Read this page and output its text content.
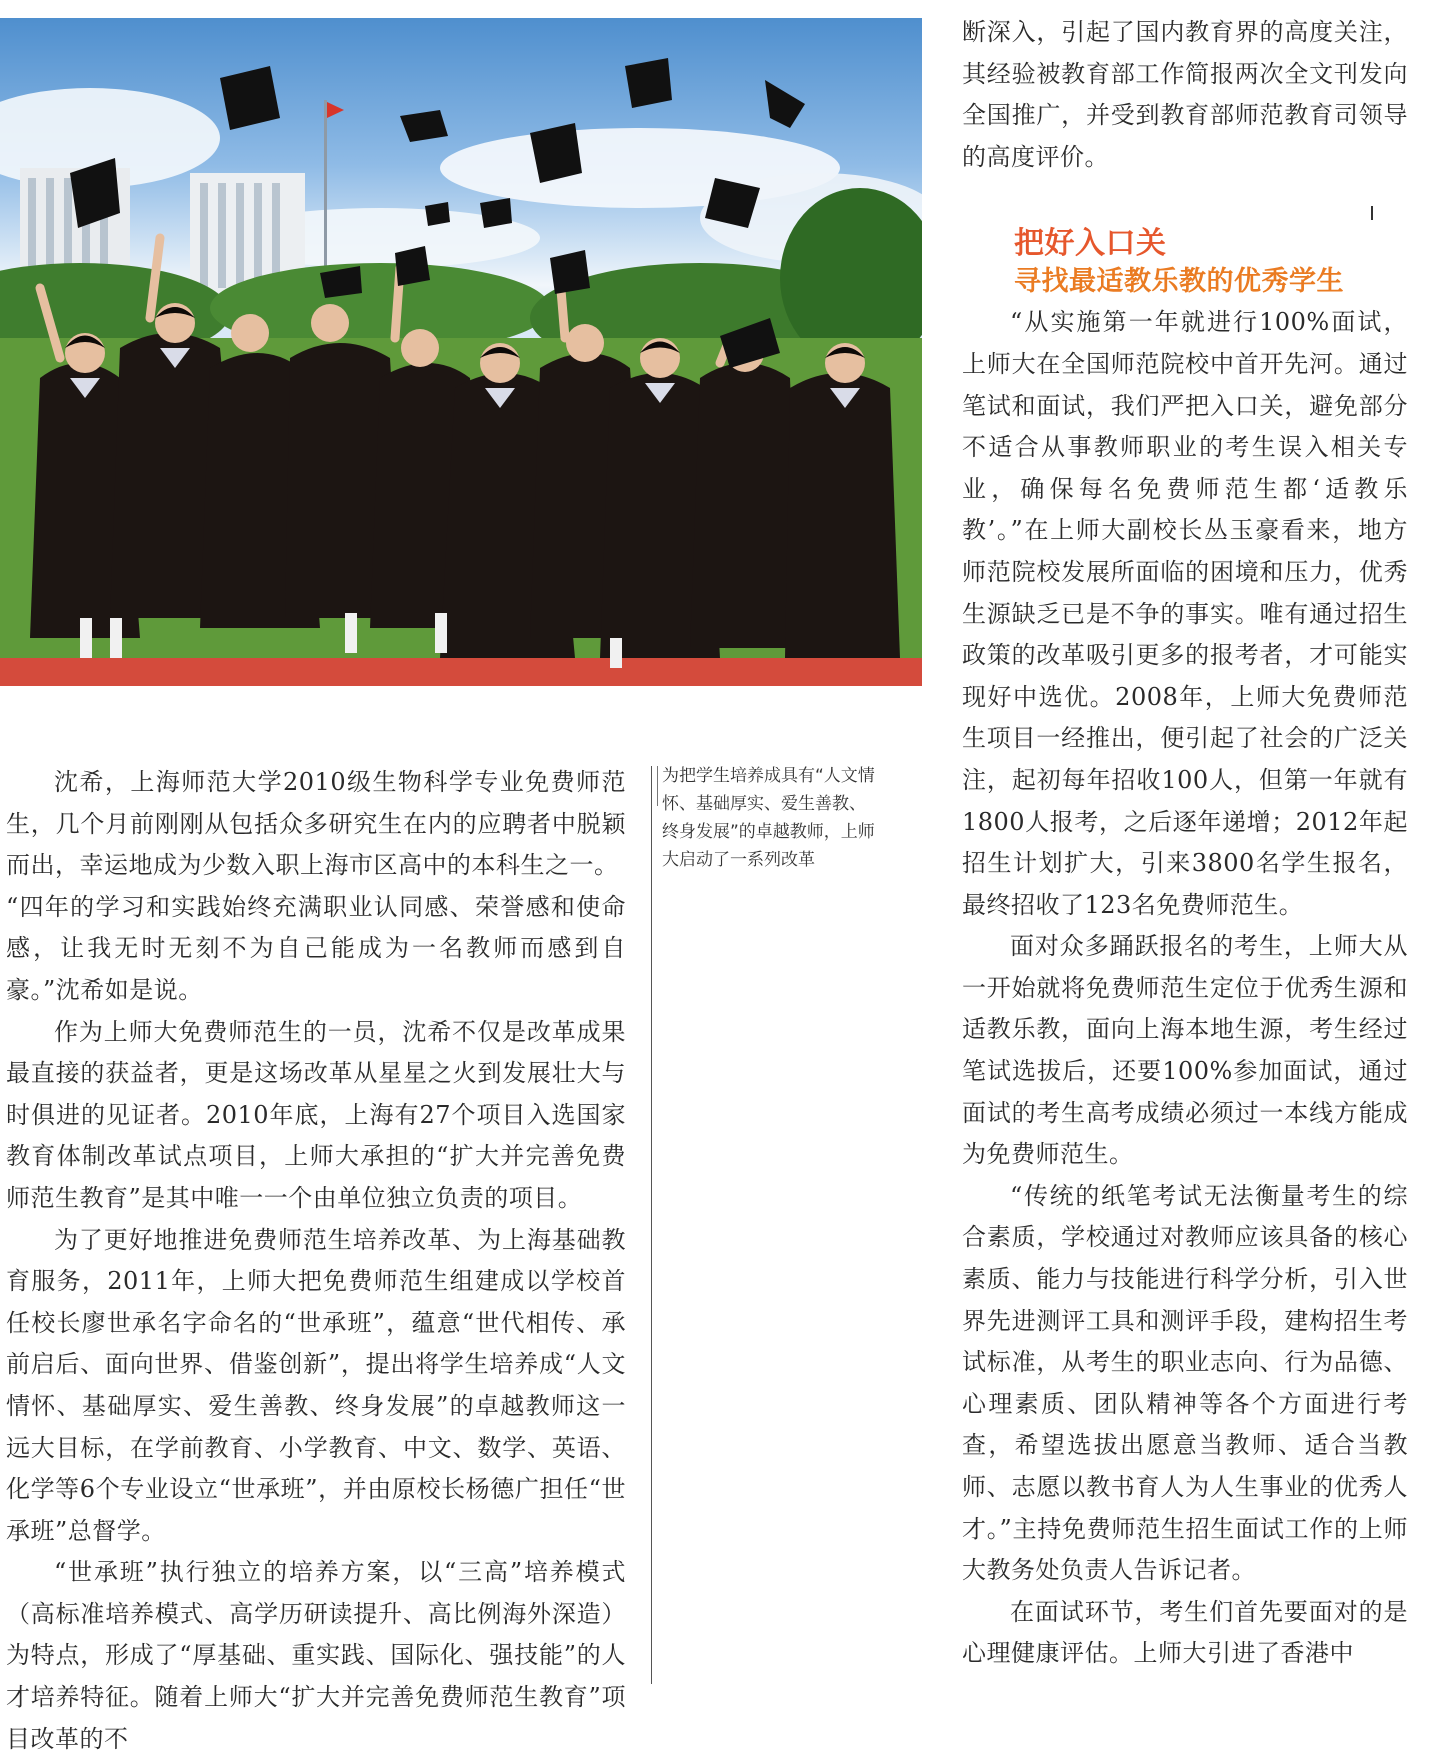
沈希，上海师范大学2010级生物科学专业免费师范生，几个月前刚刚从包括众多研究生在内的应聘者中脱颖而出，幸运地成为少数入职上海市区高中的本科生之一。

“四年的学习和实践始终充满职业认同感、荣誉感和使命感，让我无时无刻不为自己能成为一名教师而感到自豪。”沈希如是说。

作为上师大免费师范生的一员，沈希不仅是改革成果最直接的获益者，更是这场改革从星星之火到发展壮大与时俱进的见证者。2010年底，上海有27个项目入选国家教育体制改革试点项目，上师大承担的“扩大并完善免费师范生教育”是其中唯一一个由单位独立负责的项目。

为了更好地推进免费师范生培养改革、为上海基础教育服务，2011年，上师大把免费师范生组建成以学校首任校长廖世承名字命名的“世承班”，蕴意“世代相传、承前启后、面向世界、借鉴创新”，提出将学生培养成“人文情怀、基础厚实、爱生善教、终身发展”的卓越教师这一远大目标，在学前教育、小学教育、中文、数学、英语、化学等6个专业设立“世承班”，并由原校长杨德广担任“世承班”总督学。

“世承班”执行独立的培养方案，以“三高”培养模式（高标准培养模式、高学历研读提升、高比例海外深造）为特点，形成了“厚基础、重实践、国际化、强技能”的人才培养特征。随着上师大“扩大并完善免费师范生教育”项目改革的不

为把学生培养成具有“人文情怀、基础厚实、爱生善教、终身发展”的卓越教师，上师大启动了一系列改革

断深入，引起了国内教育界的高度关注，其经验被教育部工作简报两次全文刊发向全国推广，并受到教育部师范教育司领导的高度评价。

把好入口关
寻找最适教乐教的优秀学生

“从实施第一年就进行100%面试，上师大在全国师范院校中首开先河。通过笔试和面试，我们严把入口关，避免部分不适合从事教师职业的考生误入相关专业，确保每名免费师范生都‘适教乐教’。”在上师大副校长丛玉豪看来，地方师范院校发展所面临的困境和压力，优秀生源缺乏已是不争的事实。唯有通过招生政策的改革吸引更多的报考者，才可能实现好中选优。2008年，上师大免费师范生项目一经推出，便引起了社会的广泛关注，起初每年招收100人，但第一年就有1800人报考，之后逐年递增；2012年起招生计划扩大，引来3800名学生报名，最终招收了123名免费师范生。

面对众多踊跃报名的考生，上师大从一开始就将免费师范生定位于优秀生源和适教乐教，面向上海本地生源，考生经过笔试选拔后，还要100%参加面试，通过面试的考生高考成绩必须过一本线方能成为免费师范生。

“传统的纸笔考试无法衡量考生的综合素质，学校通过对教师应该具备的核心素质、能力与技能进行科学分析，引入世界先进测评工具和测评手段，建构招生考试标准，从考生的职业志向、行为品德、心理素质、团队精神等各个方面进行考查，希望选拔出愿意当教师、适合当教师、志愿以教书育人为人生事业的优秀人才。”主持免费师范生招生面试工作的上师大教务处负责人告诉记者。

在面试环节，考生们首先要面对的是心理健康评估。上师大引进了香港中
